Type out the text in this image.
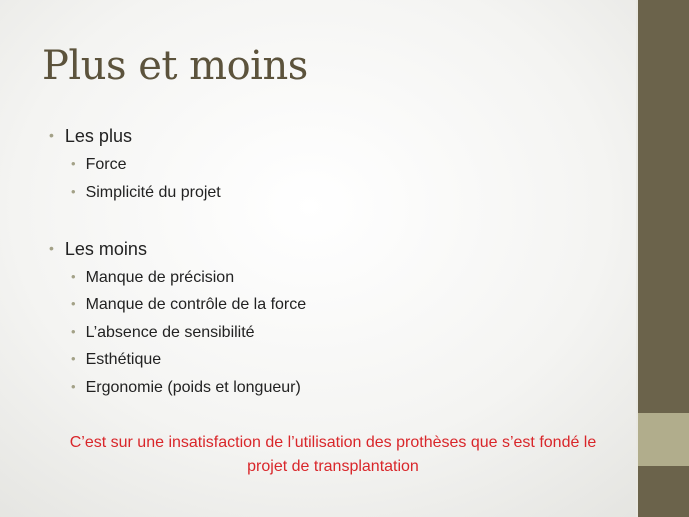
Plus et moins
• Les plus
• Force
• Simplicité du projet
• Les moins
• Manque de précision
• Manque de contrôle de la force
• L’absence de sensibilité
• Esthétique
• Ergonomie (poids et longueur)
C’est sur une insatisfaction de l’utilisation des prothèses que s’est fondé le projet de transplantation
